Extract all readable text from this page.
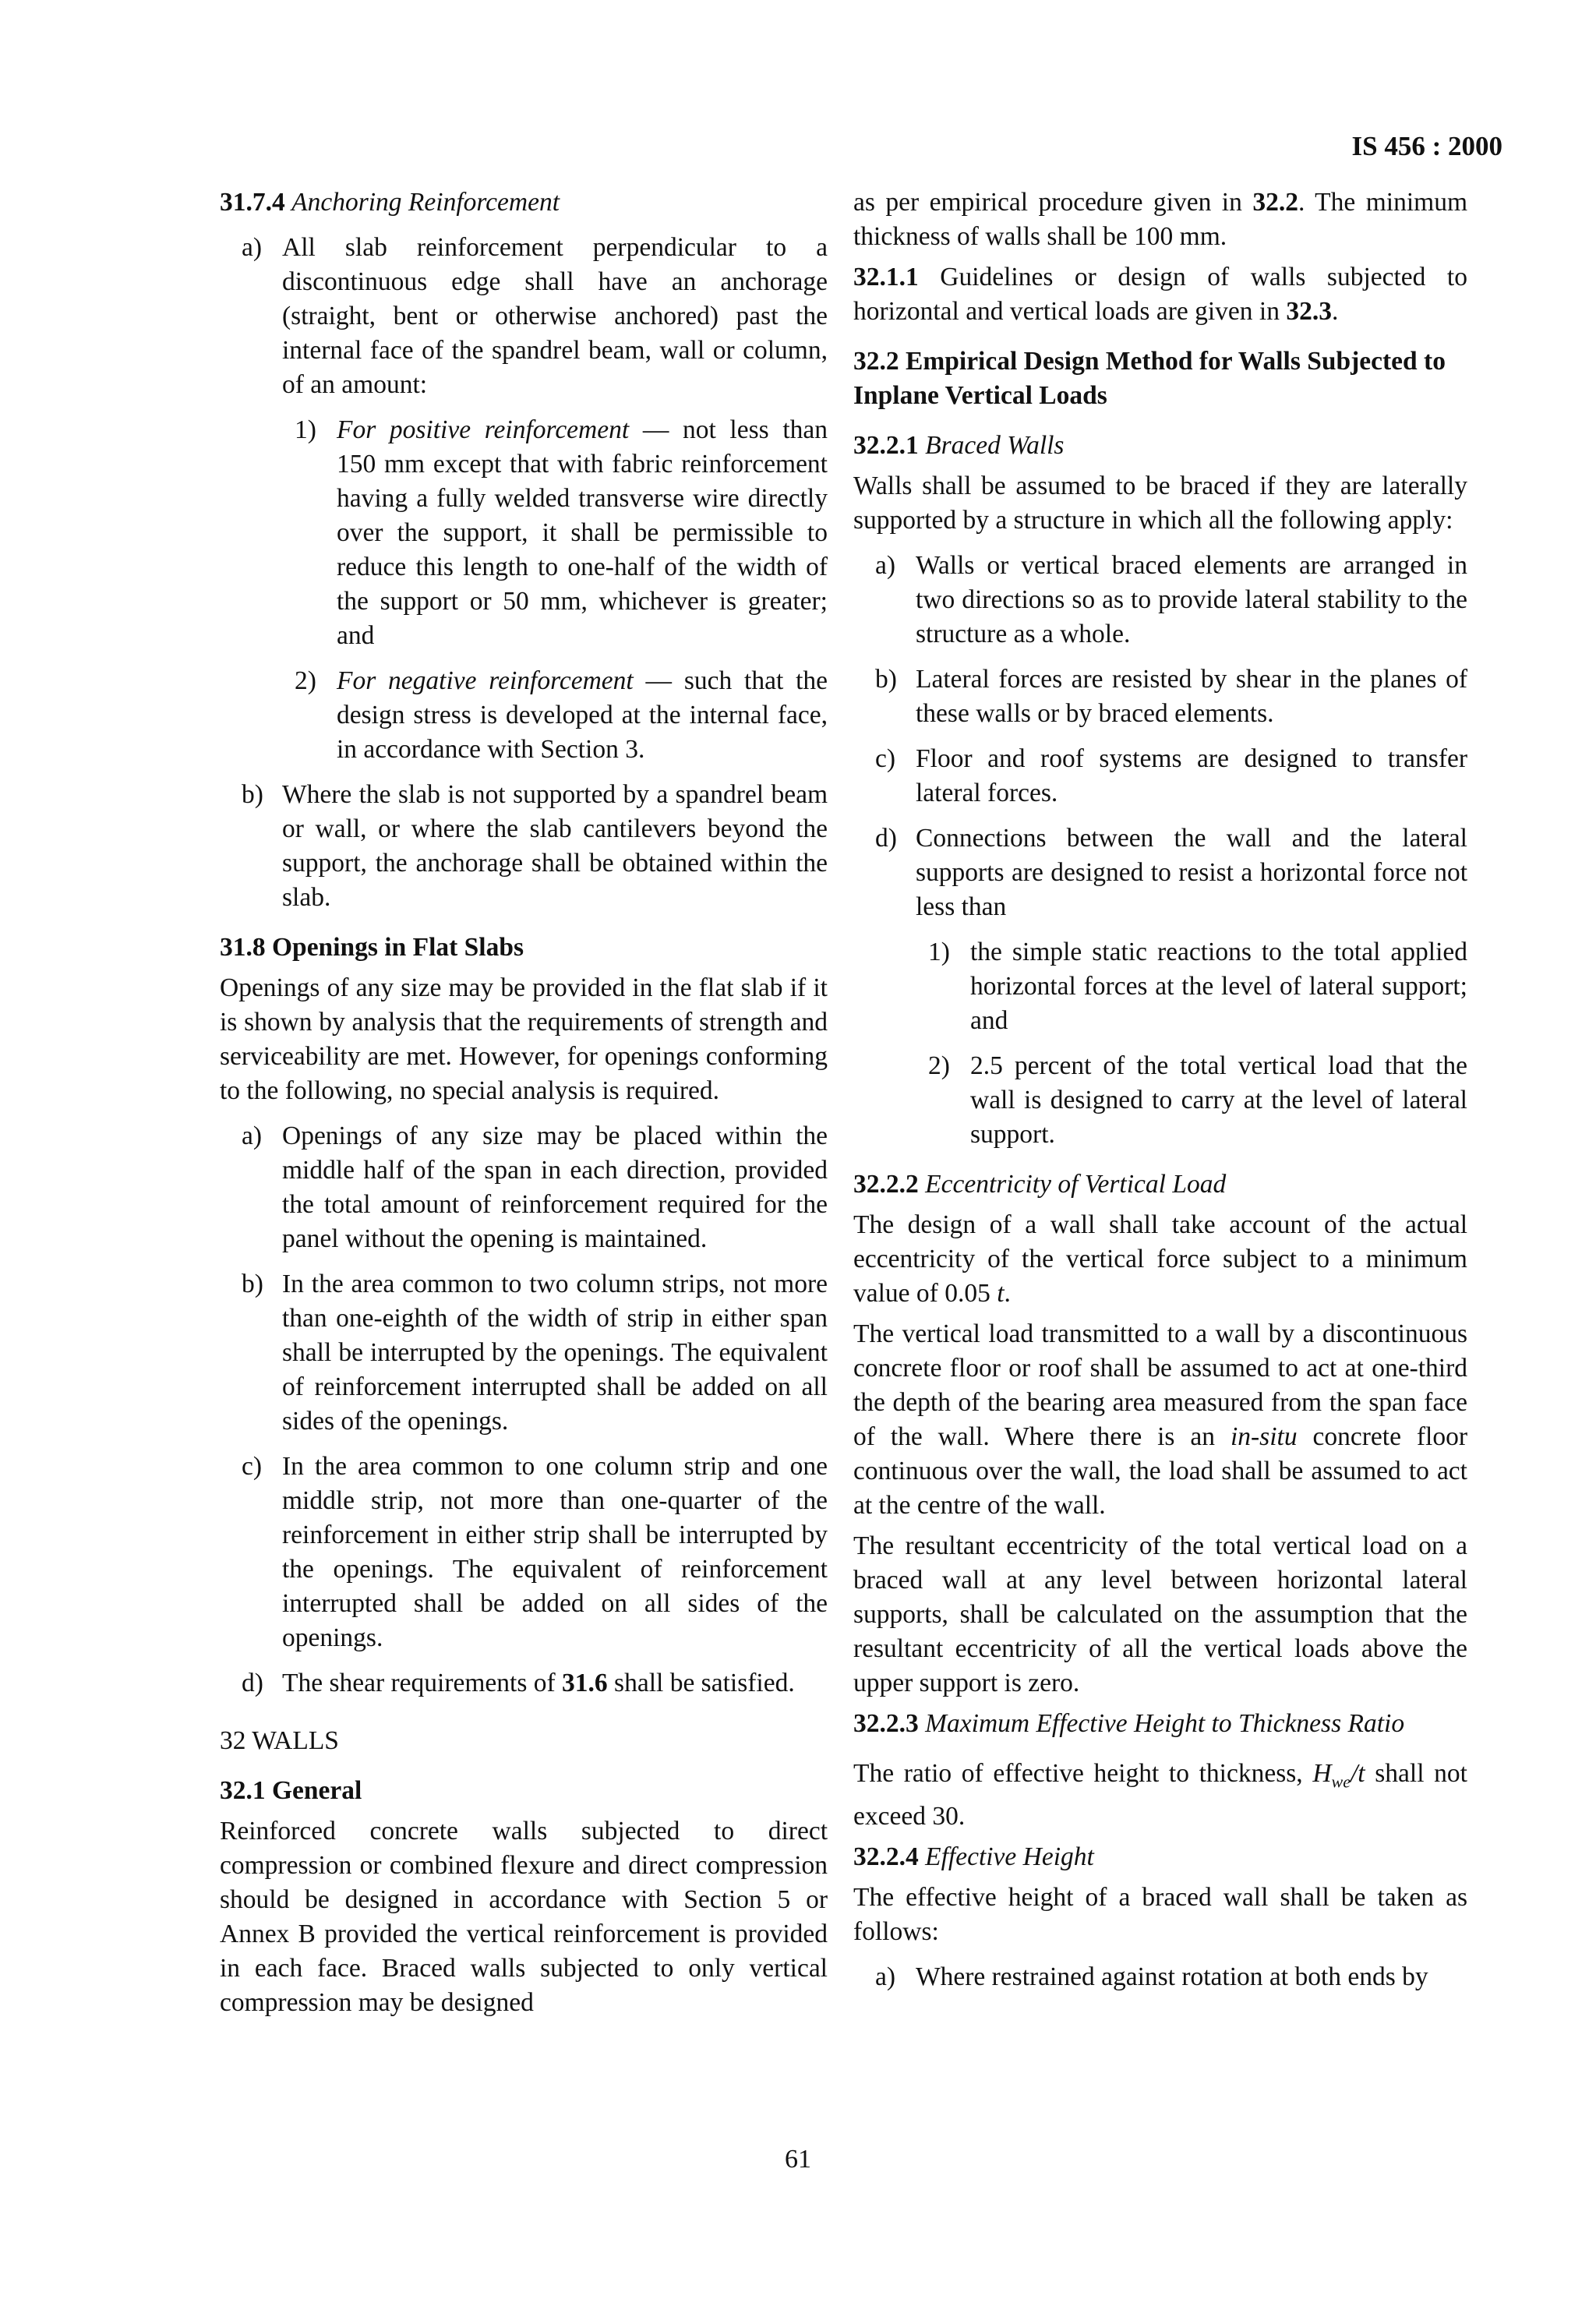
IS 456 : 2000

31.7.4 Anchoring Reinforcement

a) All slab reinforcement perpendicular to a discontinuous edge shall have an anchorage (straight, bent or otherwise anchored) past the internal face of the spandrel beam, wall or column, of an amount:
1) For positive reinforcement — not less than 150 mm except that with fabric reinforcement having a fully welded transverse wire directly over the support, it shall be permissible to reduce this length to one-half of the width of the support or 50 mm, whichever is greater; and
2) For negative reinforcement — such that the design stress is developed at the internal face, in accordance with Section 3.
b) Where the slab is not supported by a spandrel beam or wall, or where the slab cantilevers beyond the support, the anchorage shall be obtained within the slab.

31.8 Openings in Flat Slabs

Openings of any size may be provided in the flat slab if it is shown by analysis that the requirements of strength and serviceability are met. However, for openings conforming to the following, no special analysis is required.

a) Openings of any size may be placed within the middle half of the span in each direction, provided the total amount of reinforcement required for the panel without the opening is maintained.
b) In the area common to two column strips, not more than one-eighth of the width of strip in either span shall be interrupted by the openings. The equivalent of reinforcement interrupted shall be added on all sides of the openings.
c) In the area common to one column strip and one middle strip, not more than one-quarter of the reinforcement in either strip shall be interrupted by the openings. The equivalent of reinforcement interrupted shall be added on all sides of the openings.
d) The shear requirements of 31.6 shall be satisfied.

32 WALLS

32.1 General

Reinforced concrete walls subjected to direct compression or combined flexure and direct compression should be designed in accordance with Section 5 or Annex B provided the vertical reinforcement is provided in each face. Braced walls subjected to only vertical compression may be designed

as per empirical procedure given in 32.2. The minimum thickness of walls shall be 100 mm.

32.1.1 Guidelines or design of walls subjected to horizontal and vertical loads are given in 32.3.

32.2 Empirical Design Method for Walls Subjected to Inplane Vertical Loads

32.2.1 Braced Walls

Walls shall be assumed to be braced if they are laterally supported by a structure in which all the following apply:

a) Walls or vertical braced elements are arranged in two directions so as to provide lateral stability to the structure as a whole.
b) Lateral forces are resisted by shear in the planes of these walls or by braced elements.
c) Floor and roof systems are designed to transfer lateral forces.
d) Connections between the wall and the lateral supports are designed to resist a horizontal force not less than
1) the simple static reactions to the total applied horizontal forces at the level of lateral support; and
2) 2.5 percent of the total vertical load that the wall is designed to carry at the level of lateral support.

32.2.2 Eccentricity of Vertical Load

The design of a wall shall take account of the actual eccentricity of the vertical force subject to a minimum value of 0.05 t.

The vertical load transmitted to a wall by a discontinuous concrete floor or roof shall be assumed to act at one-third the depth of the bearing area measured from the span face of the wall. Where there is an in-situ concrete floor continuous over the wall, the load shall be assumed to act at the centre of the wall.

The resultant eccentricity of the total vertical load on a braced wall at any level between horizontal lateral supports, shall be calculated on the assumption that the resultant eccentricity of all the vertical loads above the upper support is zero.

32.2.3 Maximum Effective Height to Thickness Ratio

The ratio of effective height to thickness, $H_{we}/t$ shall not exceed 30.

32.2.4 Effective Height

The effective height of a braced wall shall be taken as follows:

a) Where restrained against rotation at both ends by
61
